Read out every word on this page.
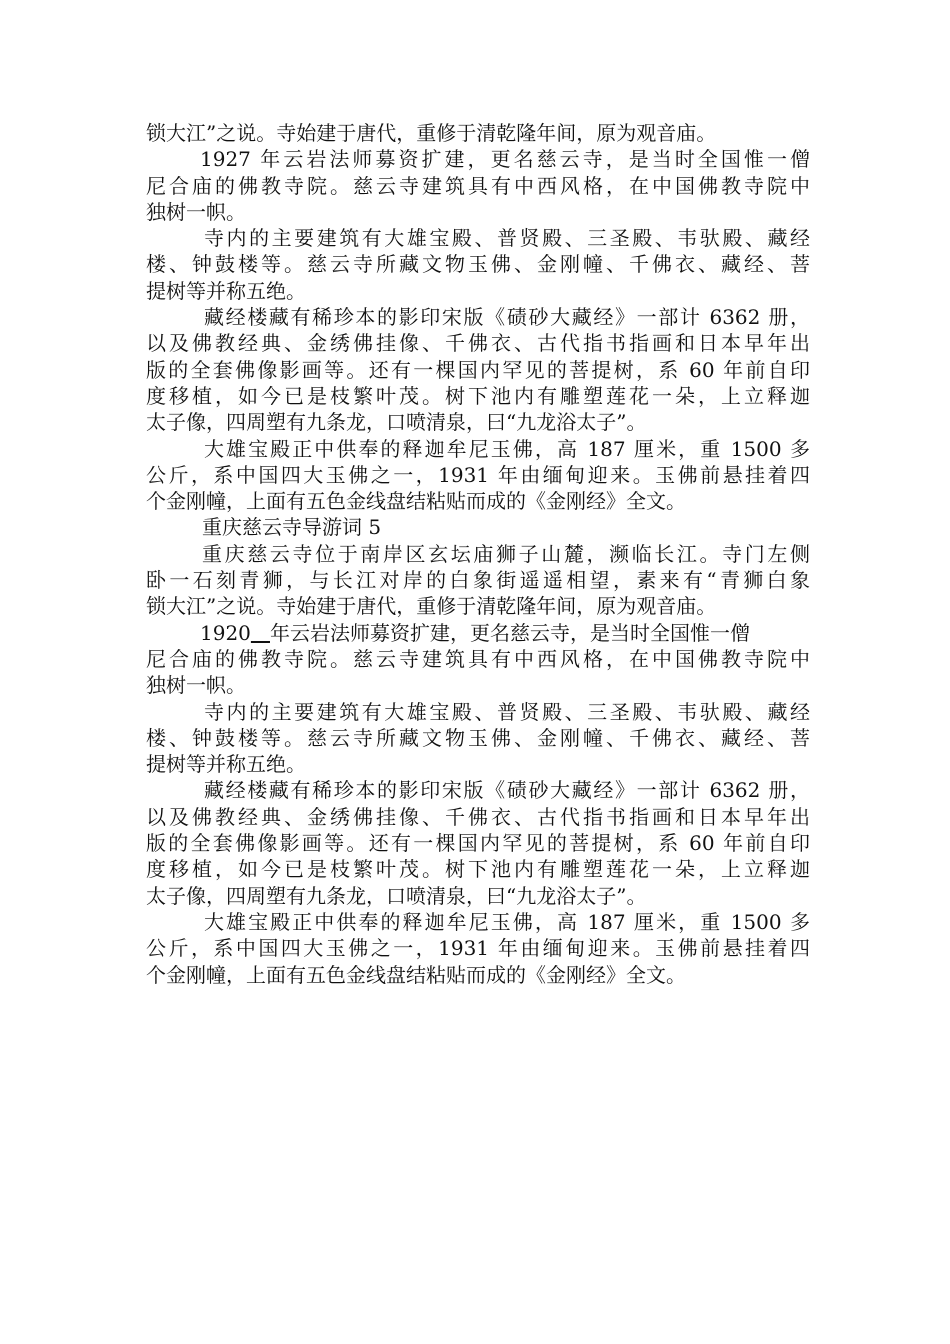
锁大江”之说。寺始建于唐代，重修于清乾隆年间，原为观音庙。
1927 年云岩法师募资扩建，更名慈云寺，是当时全国惟一僧
尼合庙的佛教寺院。慈云寺建筑具有中西风格，在中国佛教寺院中
独树一帜。
寺内的主要建筑有大雄宝殿、普贤殿、三圣殿、韦驮殿、藏经
楼、钟鼓楼等。慈云寺所藏文物玉佛、金刚幢、千佛衣、藏经、菩
提树等并称五绝。
藏经楼藏有稀珍本的影印宋版《碛砂大藏经》一部计 6362 册，
以及佛教经典、金绣佛挂像、千佛衣、古代指书指画和日本早年出
版的全套佛像影画等。还有一棵国内罕见的菩提树，系 60 年前自印
度移植，如今已是枝繁叶茂。树下池内有雕塑莲花一朵，上立释迦
太子像，四周塑有九条龙，口喷清泉，曰“九龙浴太子”。
大雄宝殿正中供奉的释迦牟尼玉佛，高 187 厘米，重 1500 多
公斤，系中国四大玉佛之一，1931 年由缅甸迎来。玉佛前悬挂着四
个金刚幢，上面有五色金线盘结粘贴而成的《金刚经》全文。
重庆慈云寺导游词 5
重庆慈云寺位于南岸区玄坛庙狮子山麓，濒临长江。寺门左侧
卧一石刻青狮，与长江对岸的白象街遥遥相望，素来有“青狮白象
锁大江”之说。寺始建于唐代，重修于清乾隆年间，原为观音庙。
1920 年云岩法师募资扩建，更名慈云寺，是当时全国惟一僧
尼合庙的佛教寺院。慈云寺建筑具有中西风格，在中国佛教寺院中
独树一帜。
寺内的主要建筑有大雄宝殿、普贤殿、三圣殿、韦驮殿、藏经
楼、钟鼓楼等。慈云寺所藏文物玉佛、金刚幢、千佛衣、藏经、菩
提树等并称五绝。
藏经楼藏有稀珍本的影印宋版《碛砂大藏经》一部计 6362 册，
以及佛教经典、金绣佛挂像、千佛衣、古代指书指画和日本早年出
版的全套佛像影画等。还有一棵国内罕见的菩提树，系 60 年前自印
度移植，如今已是枝繁叶茂。树下池内有雕塑莲花一朵，上立释迦
太子像，四周塑有九条龙，口喷清泉，曰“九龙浴太子”。
大雄宝殿正中供奉的释迦牟尼玉佛，高 187 厘米，重 1500 多
公斤，系中国四大玉佛之一，1931 年由缅甸迎来。玉佛前悬挂着四
个金刚幢，上面有五色金线盘结粘贴而成的《金刚经》全文。
